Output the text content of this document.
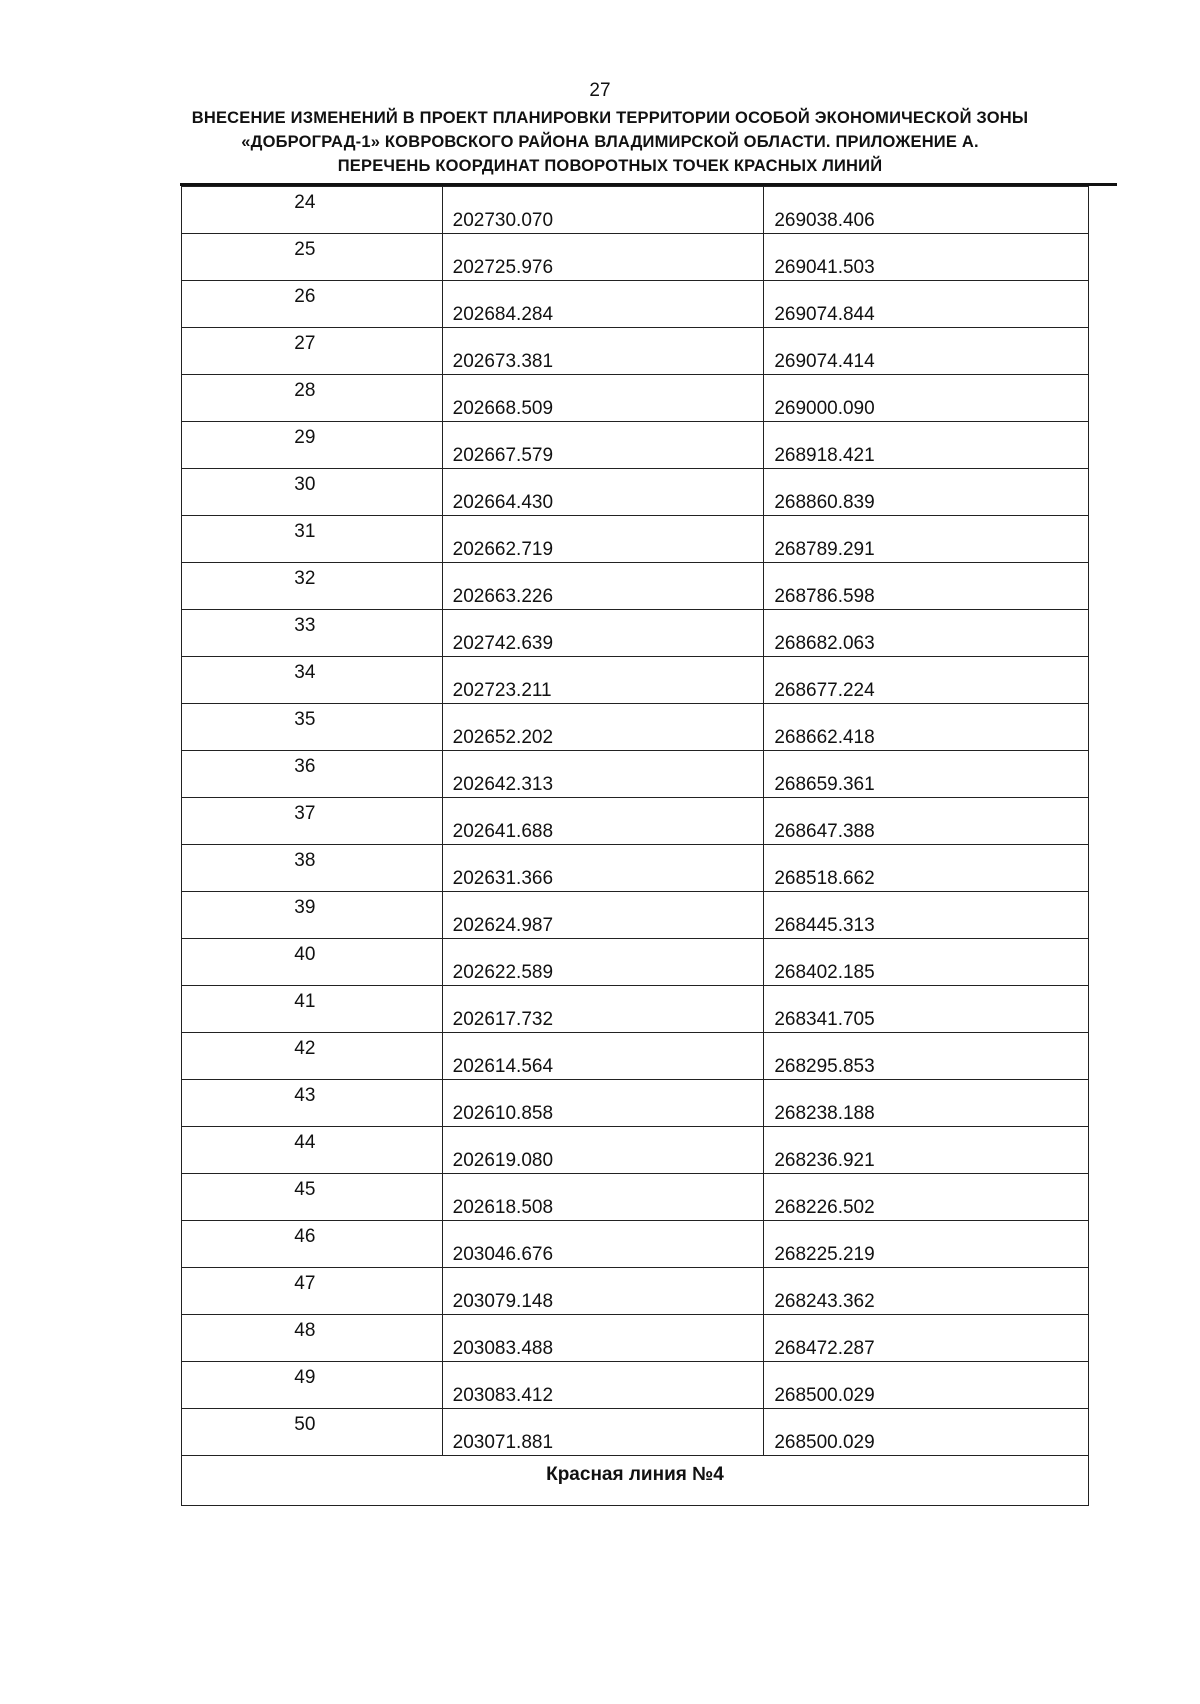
27
ВНЕСЕНИЕ ИЗМЕНЕНИЙ В ПРОЕКТ ПЛАНИРОВКИ ТЕРРИТОРИИ ОСОБОЙ ЭКОНОМИЧЕСКОЙ ЗОНЫ
«ДОБРОГРАД-1» КОВРОВСКОГО РАЙОНА ВЛАДИМИРСКОЙ ОБЛАСТИ. ПРИЛОЖЕНИЕ А.
ПЕРЕЧЕНЬ КООРДИНАТ ПОВОРОТНЫХ ТОЧЕК КРАСНЫХ ЛИНИЙ
24	202730.070	269038.406

25	202725.976	269041.503

26	202684.284	269074.844

27	202673.381	269074.414

28	202668.509	269000.090

29	202667.579	268918.421

30	202664.430	268860.839

31	202662.719	268789.291

32	202663.226	268786.598

33	202742.639	268682.063

34	202723.211	268677.224

35	202652.202	268662.418

36	202642.313	268659.361

37	202641.688	268647.388

38	202631.366	268518.662

39	202624.987	268445.313

40	202622.589	268402.185

41	202617.732	268341.705

42	202614.564	268295.853

43	202610.858	268238.188

44	202619.080	268236.921

45	202618.508	268226.502

46	203046.676	268225.219

47	203079.148	268243.362

48	203083.488	268472.287

49	203083.412	268500.029

50	203071.881	268500.029

Красная линия №4		
